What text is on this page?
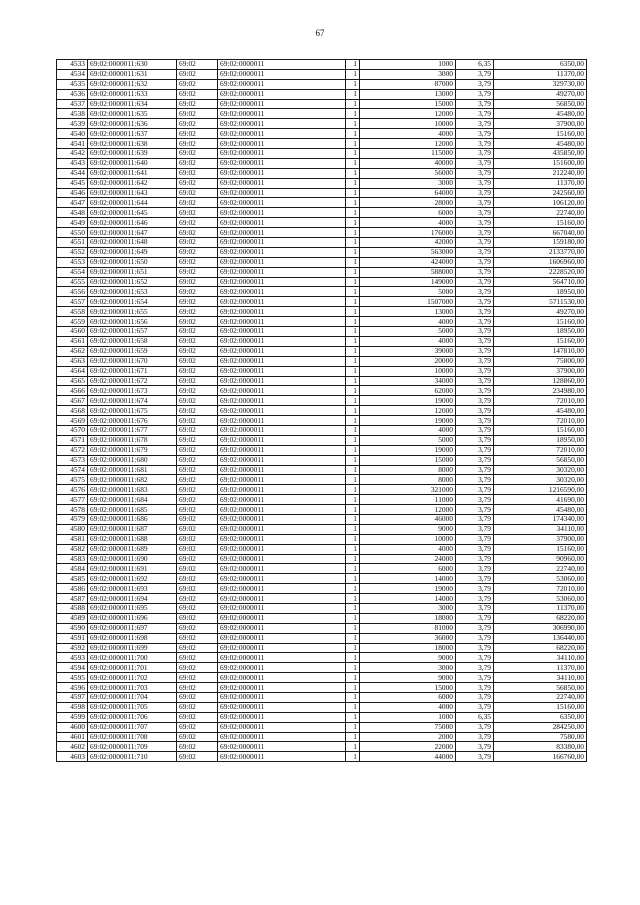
67
4533	69:02:0000011:630	69:02	69:02:0000011	1	1000	6,35	6350,00
4534	69:02:0000011:631	69:02	69:02:0000011	1	3000	3,79	11370,00
4535	69:02:0000011:632	69:02	69:02:0000011	1	87000	3,79	329730,00
4536	69:02:0000011:633	69:02	69:02:0000011	1	13000	3,79	49270,00
4537	69:02:0000011:634	69:02	69:02:0000011	1	15000	3,79	56850,00
4538	69:02:0000011:635	69:02	69:02:0000011	1	12000	3,79	45480,00
4539	69:02:0000011:636	69:02	69:02:0000011	1	10000	3,79	37900,00
4540	69:02:0000011:637	69:02	69:02:0000011	1	4000	3,79	15160,00
4541	69:02:0000011:638	69:02	69:02:0000011	1	12000	3,79	45480,00
4542	69:02:0000011:639	69:02	69:02:0000011	1	115000	3,79	435850,00
4543	69:02:0000011:640	69:02	69:02:0000011	1	40000	3,79	151600,00
4544	69:02:0000011:641	69:02	69:02:0000011	1	56000	3,79	212240,00
4545	69:02:0000011:642	69:02	69:02:0000011	1	3000	3,79	11370,00
4546	69:02:0000011:643	69:02	69:02:0000011	1	64000	3,79	242560,00
4547	69:02:0000011:644	69:02	69:02:0000011	1	28000	3,79	106120,00
4548	69:02:0000011:645	69:02	69:02:0000011	1	6000	3,79	22740,00
4549	69:02:0000011:646	69:02	69:02:0000011	1	4000	3,79	15160,00
4550	69:02:0000011:647	69:02	69:02:0000011	1	176000	3,79	667040,00
4551	69:02:0000011:648	69:02	69:02:0000011	1	42000	3,79	159180,00
4552	69:02:0000011:649	69:02	69:02:0000011	1	563000	3,79	2133770,00
4553	69:02:0000011:650	69:02	69:02:0000011	1	424000	3,79	1606960,00
4554	69:02:0000011:651	69:02	69:02:0000011	1	588000	3,79	2228520,00
4555	69:02:0000011:652	69:02	69:02:0000011	1	149000	3,79	564710,00
4556	69:02:0000011:653	69:02	69:02:0000011	1	5000	3,79	18950,00
4557	69:02:0000011:654	69:02	69:02:0000011	1	1507000	3,79	5711530,00
4558	69:02:0000011:655	69:02	69:02:0000011	1	13000	3,79	49270,00
4559	69:02:0000011:656	69:02	69:02:0000011	1	4000	3,79	15160,00
4560	69:02:0000011:657	69:02	69:02:0000011	1	5000	3,79	18950,00
4561	69:02:0000011:658	69:02	69:02:0000011	1	4000	3,79	15160,00
4562	69:02:0000011:659	69:02	69:02:0000011	1	39000	3,79	147810,00
4563	69:02:0000011:670	69:02	69:02:0000011	1	20000	3,79	75800,00
4564	69:02:0000011:671	69:02	69:02:0000011	1	10000	3,79	37900,00
4565	69:02:0000011:672	69:02	69:02:0000011	1	34000	3,79	128860,00
4566	69:02:0000011:673	69:02	69:02:0000011	1	62000	3,79	234980,00
4567	69:02:0000011:674	69:02	69:02:0000011	1	19000	3,79	72010,00
4568	69:02:0000011:675	69:02	69:02:0000011	1	12000	3,79	45480,00
4569	69:02:0000011:676	69:02	69:02:0000011	1	19000	3,79	72010,00
4570	69:02:0000011:677	69:02	69:02:0000011	1	4000	3,79	15160,00
4571	69:02:0000011:678	69:02	69:02:0000011	1	5000	3,79	18950,00
4572	69:02:0000011:679	69:02	69:02:0000011	1	19000	3,79	72010,00
4573	69:02:0000011:680	69:02	69:02:0000011	1	15000	3,79	56850,00
4574	69:02:0000011:681	69:02	69:02:0000011	1	8000	3,79	30320,00
4575	69:02:0000011:682	69:02	69:02:0000011	1	8000	3,79	30320,00
4576	69:02:0000011:683	69:02	69:02:0000011	1	321000	3,79	1216590,00
4577	69:02:0000011:684	69:02	69:02:0000011	1	11000	3,79	41690,00
4578	69:02:0000011:685	69:02	69:02:0000011	1	12000	3,79	45480,00
4579	69:02:0000011:686	69:02	69:02:0000011	1	46000	3,79	174340,00
4580	69:02:0000011:687	69:02	69:02:0000011	1	9000	3,79	34110,00
4581	69:02:0000011:688	69:02	69:02:0000011	1	10000	3,79	37900,00
4582	69:02:0000011:689	69:02	69:02:0000011	1	4000	3,79	15160,00
4583	69:02:0000011:690	69:02	69:02:0000011	1	24000	3,79	90960,00
4584	69:02:0000011:691	69:02	69:02:0000011	1	6000	3,79	22740,00
4585	69:02:0000011:692	69:02	69:02:0000011	1	14000	3,79	53060,00
4586	69:02:0000011:693	69:02	69:02:0000011	1	19000	3,79	72010,00
4587	69:02:0000011:694	69:02	69:02:0000011	1	14000	3,79	53060,00
4588	69:02:0000011:695	69:02	69:02:0000011	1	3000	3,79	11370,00
4589	69:02:0000011:696	69:02	69:02:0000011	1	18000	3,79	68220,00
4590	69:02:0000011:697	69:02	69:02:0000011	1	81000	3,79	306990,00
4591	69:02:0000011:698	69:02	69:02:0000011	1	36000	3,79	136440,00
4592	69:02:0000011:699	69:02	69:02:0000011	1	18000	3,79	68220,00
4593	69:02:0000011:700	69:02	69:02:0000011	1	9000	3,79	34110,00
4594	69:02:0000011:701	69:02	69:02:0000011	1	3000	3,79	11370,00
4595	69:02:0000011:702	69:02	69:02:0000011	1	9000	3,79	34110,00
4596	69:02:0000011:703	69:02	69:02:0000011	1	15000	3,79	56850,00
4597	69:02:0000011:704	69:02	69:02:0000011	1	6000	3,79	22740,00
4598	69:02:0000011:705	69:02	69:02:0000011	1	4000	3,79	15160,00
4599	69:02:0000011:706	69:02	69:02:0000011	1	1000	6,35	6350,00
4600	69:02:0000011:707	69:02	69:02:0000011	1	75000	3,79	284250,00
4601	69:02:0000011:708	69:02	69:02:0000011	1	2000	3,79	7580,00
4602	69:02:0000011:709	69:02	69:02:0000011	1	22000	3,79	83380,00
4603	69:02:0000011:710	69:02	69:02:0000011	1	44000	3,79	166760,00
